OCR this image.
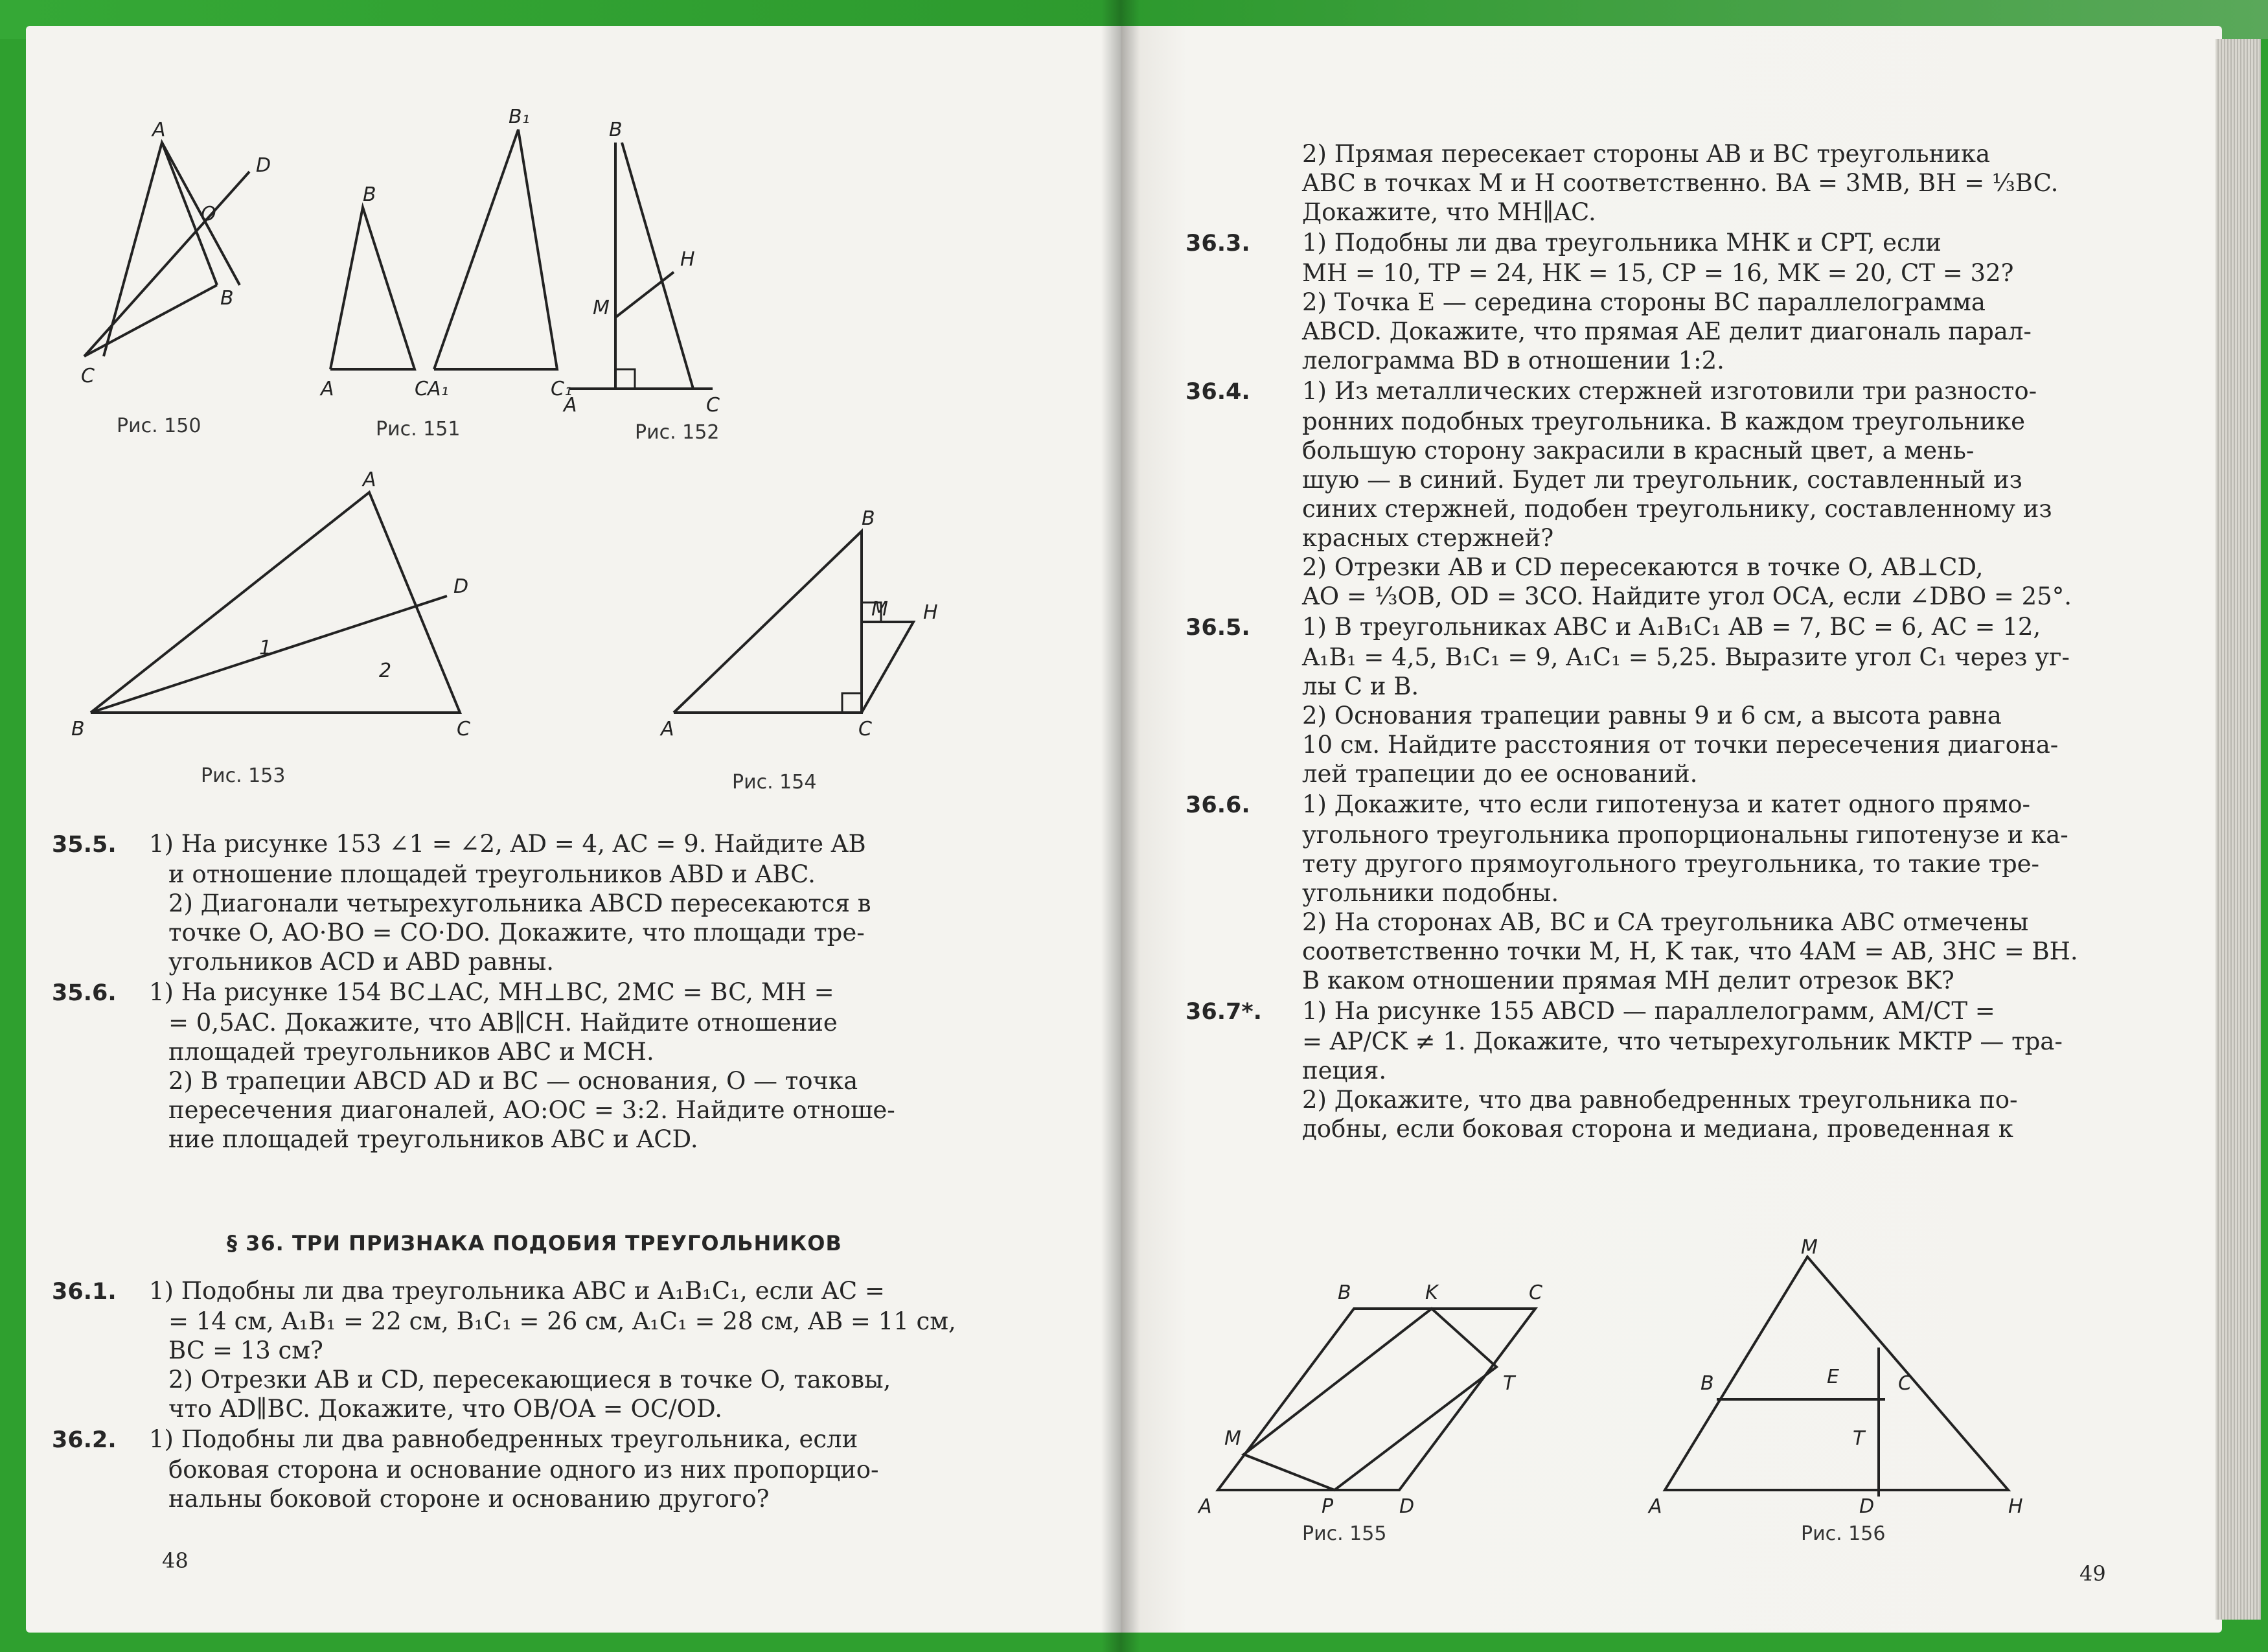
A
D
O
B
C
B
A	C
B₁
A₁	C₁
B
H
M
A	C
A
D
B	C
1
2
B
M H
A	C
Рис. 150	Рис. 151	Рис. 152
Рис. 153	Рис. 154
35.5. 1) На рисунке 153 ∠1 = ∠2, AD = 4, AC = 9. Найдите AB
и отношение площадей треугольников ABD и ABC.
2) Диагонали четырехугольника ABCD пересекаются в
точке O, AO·BO = CO·DO. Докажите, что площади тре-
угольников ACD и ABD равны.
35.6. 1) На рисунке 154 BC⊥AC, MH⊥BC, 2MC = BC, MH =
= 0,5AC. Докажите, что AB∥CH. Найдите отношение
площадей треугольников ABC и MCH.
2) В трапеции ABCD AD и BC — основания, O — точка
пересечения диагоналей, AO:OC = 3:2. Найдите отноше-
ние площадей треугольников ABC и ACD.
§ 36. ТРИ ПРИЗНАКА ПОДОБИЯ ТРЕУГОЛЬНИКОВ
36.1. 1) Подобны ли два треугольника ABC и A₁B₁C₁, если AC =
= 14 см, A₁B₁ = 22 см, B₁C₁ = 26 см, A₁C₁ = 28 см, AB = 11 см,
BC = 13 см?
2) Отрезки AB и CD, пересекающиеся в точке O, таковы,
что AD∥BC. Докажите, что OB/OA = OC/OD.
36.2. 1) Подобны ли два равнобедренных треугольника, если
боковая сторона и основание одного из них пропорцио-
нальны боковой стороне и основанию другого?
48
2) Прямая пересекает стороны AB и BC треугольника
ABC в точках M и H соответственно. BA = 3MB, BH = ⅓BC.
Докажите, что MH∥AC.
36.3. 1) Подобны ли два треугольника MHK и CPT, если
MH = 10, TP = 24, HK = 15, CP = 16, MK = 20, CT = 32?
2) Точка E — середина стороны BC параллелограмма
ABCD. Докажите, что прямая AE делит диагональ парал-
лелограмма BD в отношении 1:2.
36.4. 1) Из металлических стержней изготовили три разносто-
ронних подобных треугольника. В каждом треугольнике
большую сторону закрасили в красный цвет, а мень-
шую — в синий. Будет ли треугольник, составленный из
синих стержней, подобен треугольнику, составленному из
красных стержней?
2) Отрезки AB и CD пересекаются в точке O, AB⊥CD,
AO = ⅓OB, OD = 3CO. Найдите угол OCA, если ∠DBO = 25°.
36.5. 1) В треугольниках ABC и A₁B₁C₁ AB = 7, BC = 6, AC = 12,
A₁B₁ = 4,5, B₁C₁ = 9, A₁C₁ = 5,25. Выразите угол C₁ через уг-
лы C и B.
2) Основания трапеции равны 9 и 6 см, а высота равна
10 см. Найдите расстояния от точки пересечения диагона-
лей трапеции до ее оснований.
36.6. 1) Докажите, что если гипотенуза и катет одного прямо-
угольного треугольника пропорциональны гипотенузе и ка-
тету другого прямоугольного треугольника, то такие тре-
угольники подобны.
2) На сторонах AB, BC и CA треугольника ABC отмечены
соответственно точки M, H, K так, что 4AM = AB, 3HC = BH.
В каком отношении прямая MH делит отрезок BK?
36.7*. 1) На рисунке 155 ABCD — параллелограмм, AM/CT =
= AP/CK ≠ 1. Докажите, что четырехугольник MKTP — тра-
пеция.
2) Докажите, что два равнобедренных треугольника по-
добны, если боковая сторона и медиана, проведенная к
B	K	C
M
T
A	P	D
M
B	E	C
T
A	D	H
Рис. 155	Рис. 156
49
